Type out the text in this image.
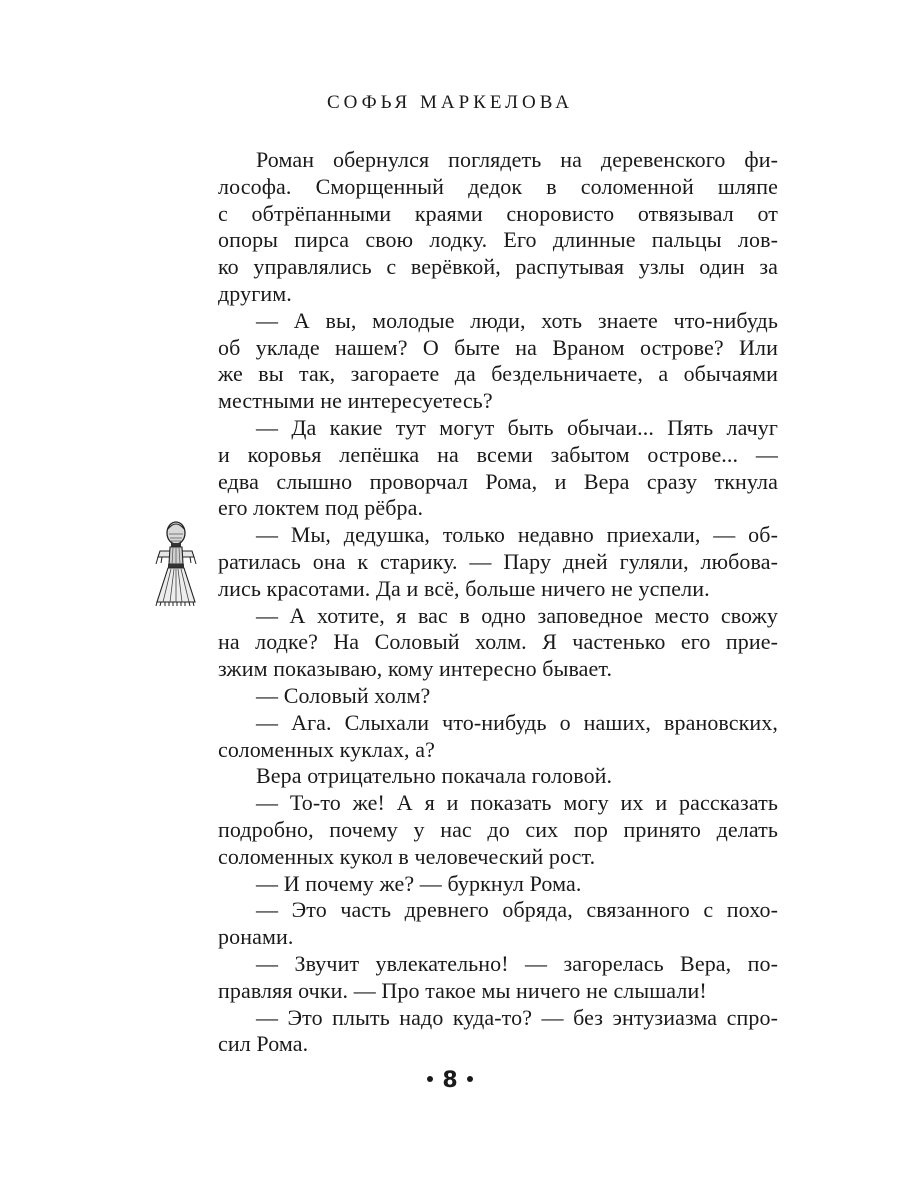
СОФЬЯ МАРКЕЛОВА
Роман обернулся поглядеть на деревенского фи-
лософа. Сморщенный дедок в соломенной шляпе
с обтрёпанными краями сноровисто отвязывал от
опоры пирса свою лодку. Его длинные пальцы лов-
ко управлялись с верёвкой, распутывая узлы один за
другим.
— А вы, молодые люди, хоть знаете что-нибудь
об укладе нашем? О быте на Враном острове? Или
же вы так, загораете да бездельничаете, а обычаями
местными не интересуетесь?
— Да какие тут могут быть обычаи... Пять лачуг
и коровья лепёшка на всеми забытом острове... —
едва слышно проворчал Рома, и Вера сразу ткнула
его локтем под рёбра.
— Мы, дедушка, только недавно приехали, — об-
ратилась она к старику. — Пару дней гуляли, любова-
лись красотами. Да и всё, больше ничего не успели.
— А хотите, я вас в одно заповедное место свожу
на лодке? На Соловый холм. Я частенько его прие-
зжим показываю, кому интересно бывает.
— Соловый холм?
— Ага. Слыхали что-нибудь о наших, врановских,
соломенных куклах, а?
Вера отрицательно покачала головой.
— То-то же! А я и показать могу их и рассказать
подробно, почему у нас до сих пор принято делать
соломенных кукол в человеческий рост.
— И почему же? — буркнул Рома.
— Это часть древнего обряда, связанного с похо-
ронами.
— Звучит увлекательно! — загорелась Вера, по-
правляя очки. — Про такое мы ничего не слышали!
— Это плыть надо куда-то? — без энтузиазма спро-
сил Рома.
8
